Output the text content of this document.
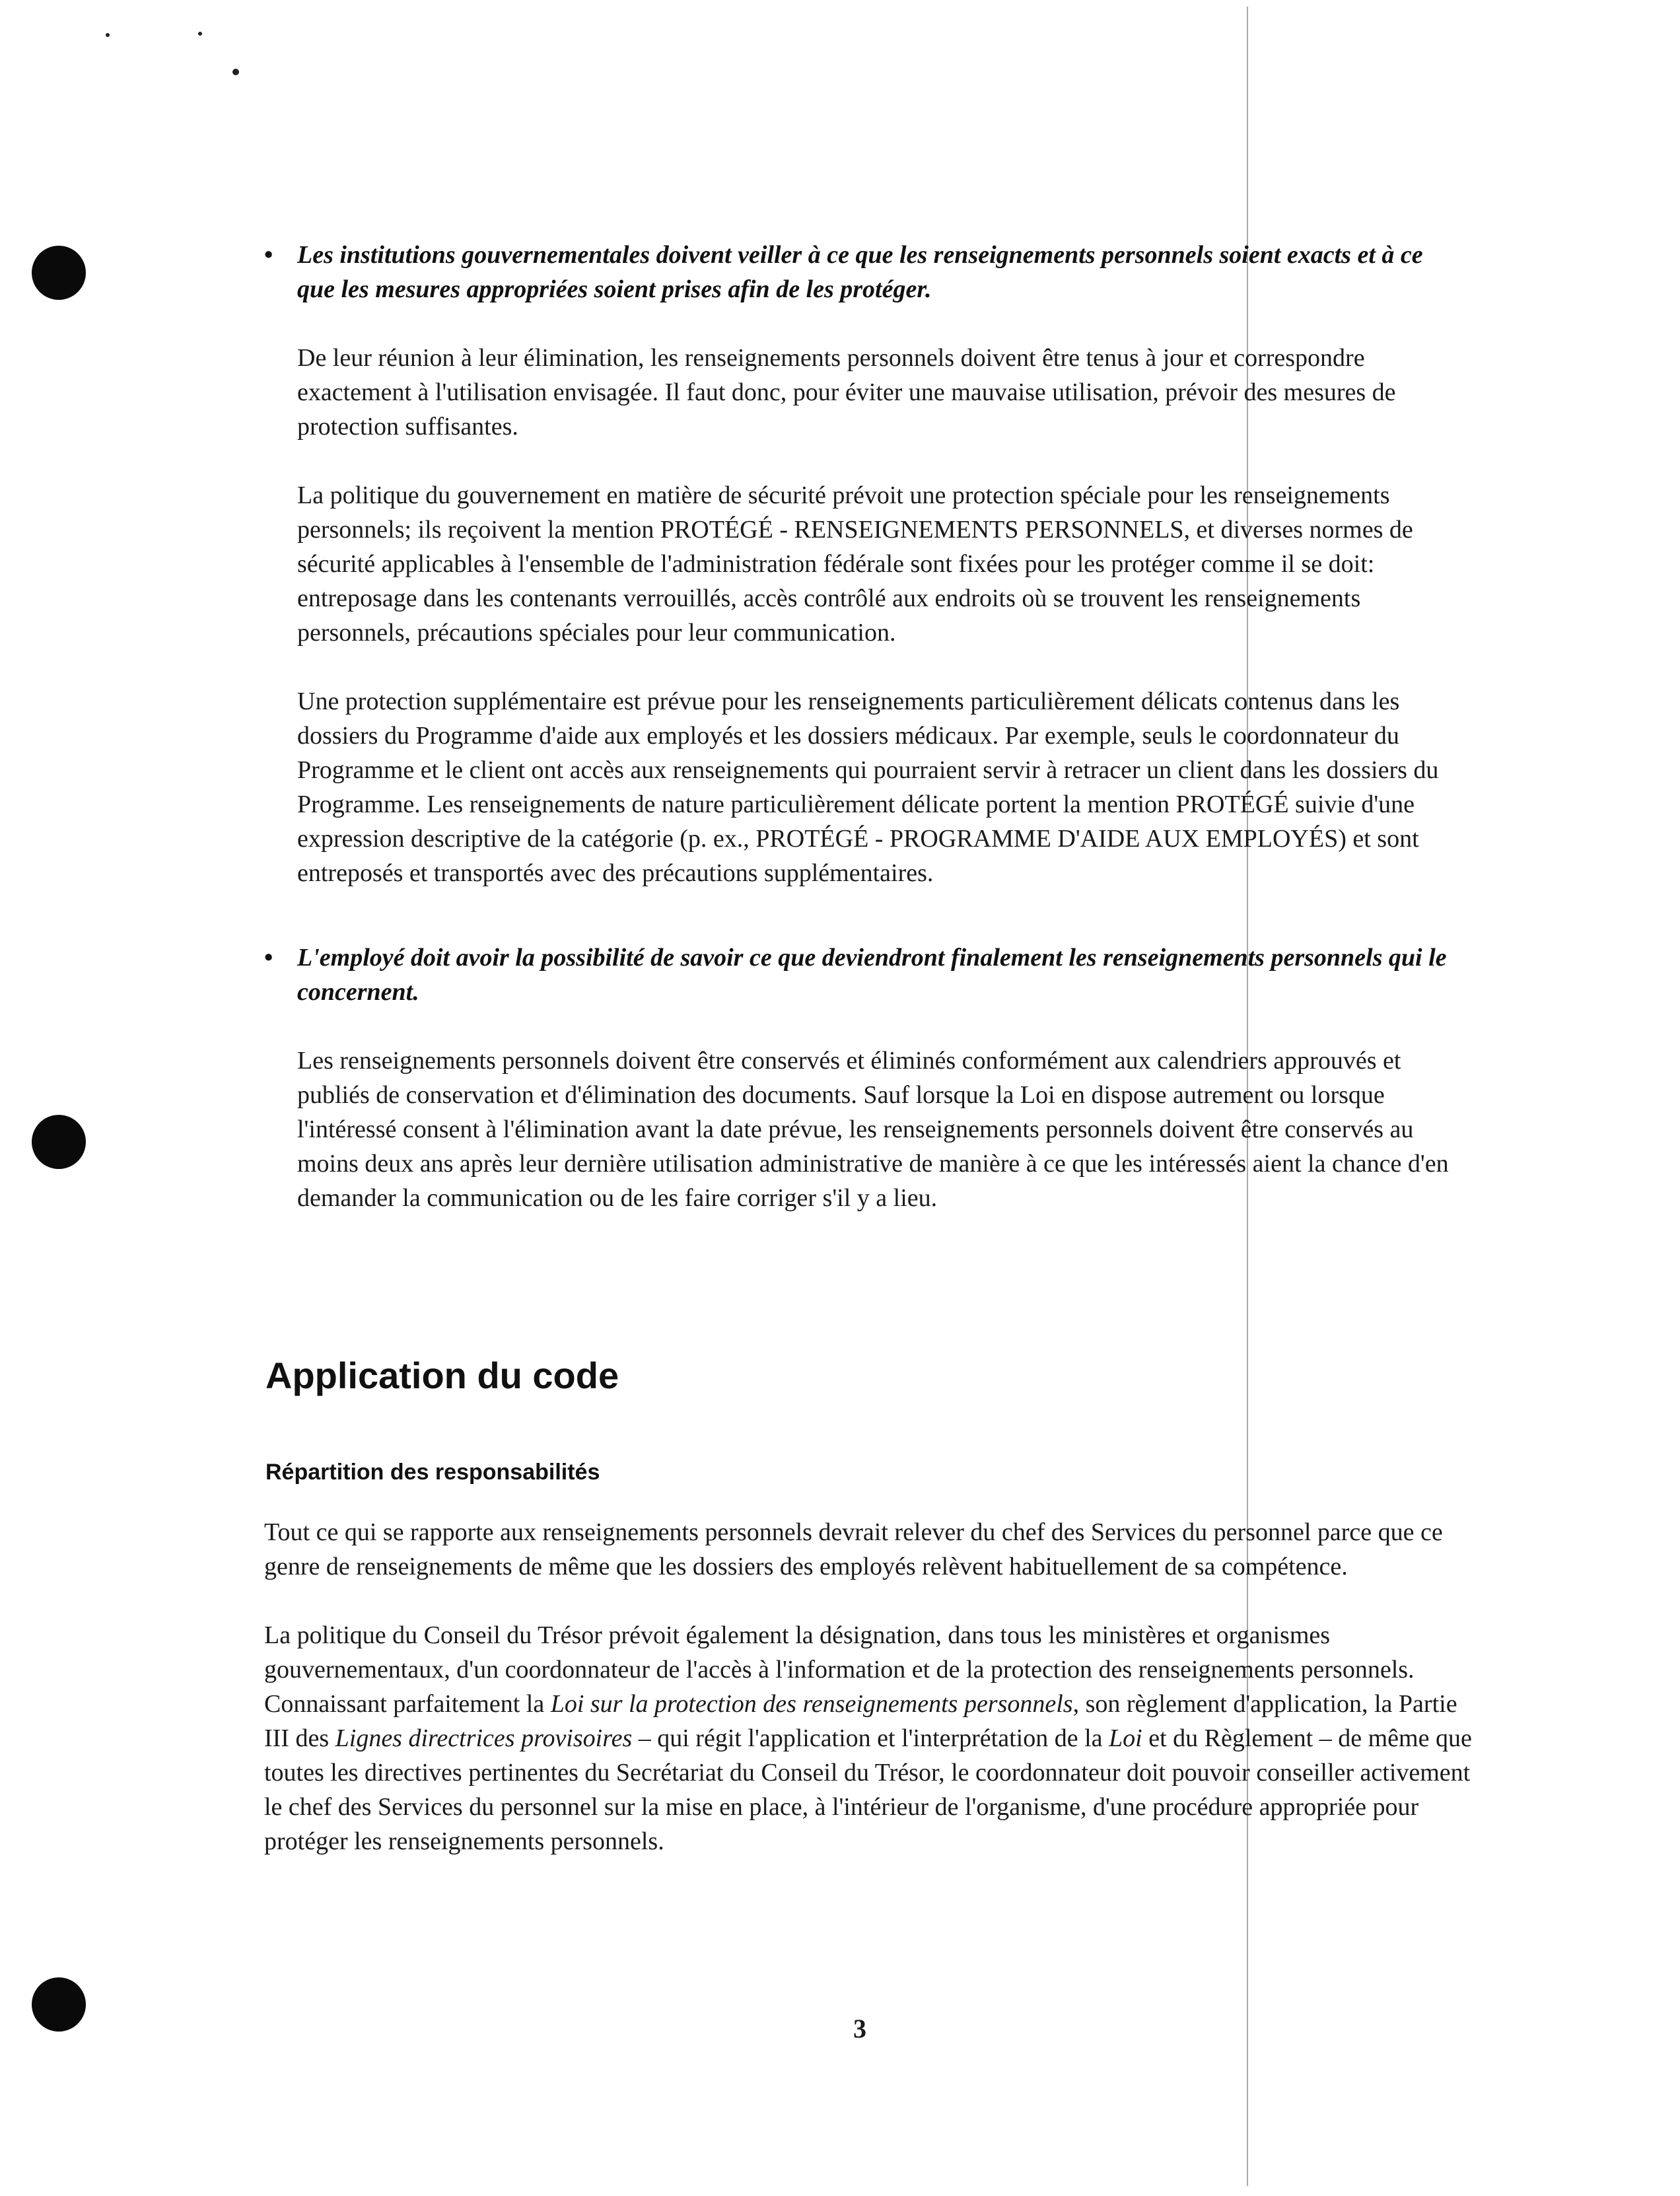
• Les institutions gouvernementales doivent veiller à ce que les renseignements personnels soient exacts et à ce que les mesures appropriées soient prises afin de les protéger.

De leur réunion à leur élimination, les renseignements personnels doivent être tenus à jour et correspondre exactement à l'utilisation envisagée. Il faut donc, pour éviter une mauvaise utilisation, prévoir des mesures de protection suffisantes.

La politique du gouvernement en matière de sécurité prévoit une protection spéciale pour les renseignements personnels; ils reçoivent la mention PROTÉGÉ - RENSEIGNEMENTS PERSONNELS, et diverses normes de sécurité applicables à l'ensemble de l'administration fédérale sont fixées pour les protéger comme il se doit: entreposage dans les contenants verrouillés, accès contrôlé aux endroits où se trouvent les renseignements personnels, précautions spéciales pour leur communication.

Une protection supplémentaire est prévue pour les renseignements particulièrement délicats contenus dans les dossiers du Programme d'aide aux employés et les dossiers médicaux. Par exemple, seuls le coordonnateur du Programme et le client ont accès aux renseignements qui pourraient servir à retracer un client dans les dossiers du Programme. Les renseignements de nature particulièrement délicate portent la mention PROTÉGÉ suivie d'une expression descriptive de la catégorie (p. ex., PROTÉGÉ - PROGRAMME D'AIDE AUX EMPLOYÉS) et sont entreposés et transportés avec des précautions supplémentaires.

• L'employé doit avoir la possibilité de savoir ce que deviendront finalement les renseignements personnels qui le concernent.

Les renseignements personnels doivent être conservés et éliminés conformément aux calendriers approuvés et publiés de conservation et d'élimination des documents. Sauf lorsque la Loi en dispose autrement ou lorsque l'intéressé consent à l'élimination avant la date prévue, les renseignements personnels doivent être conservés au moins deux ans après leur dernière utilisation administrative de manière à ce que les intéressés aient la chance d'en demander la communication ou de les faire corriger s'il y a lieu.

Application du code
Répartition des responsabilités

Tout ce qui se rapporte aux renseignements personnels devrait relever du chef des Services du personnel parce que ce genre de renseignements de même que les dossiers des employés relèvent habituellement de sa compétence.

La politique du Conseil du Trésor prévoit également la désignation, dans tous les ministères et organismes gouvernementaux, d'un coordonnateur de l'accès à l'information et de la protection des renseignements personnels. Connaissant parfaitement la Loi sur la protection des renseignements personnels, son règlement d'application, la Partie III des Lignes directrices provisoires – qui régit l'application et l'interprétation de la Loi et du Règlement – de même que toutes les directives pertinentes du Secrétariat du Conseil du Trésor, le coordonnateur doit pouvoir conseiller activement le chef des Services du personnel sur la mise en place, à l'intérieur de l'organisme, d'une procédure appropriée pour protéger les renseignements personnels.

3
